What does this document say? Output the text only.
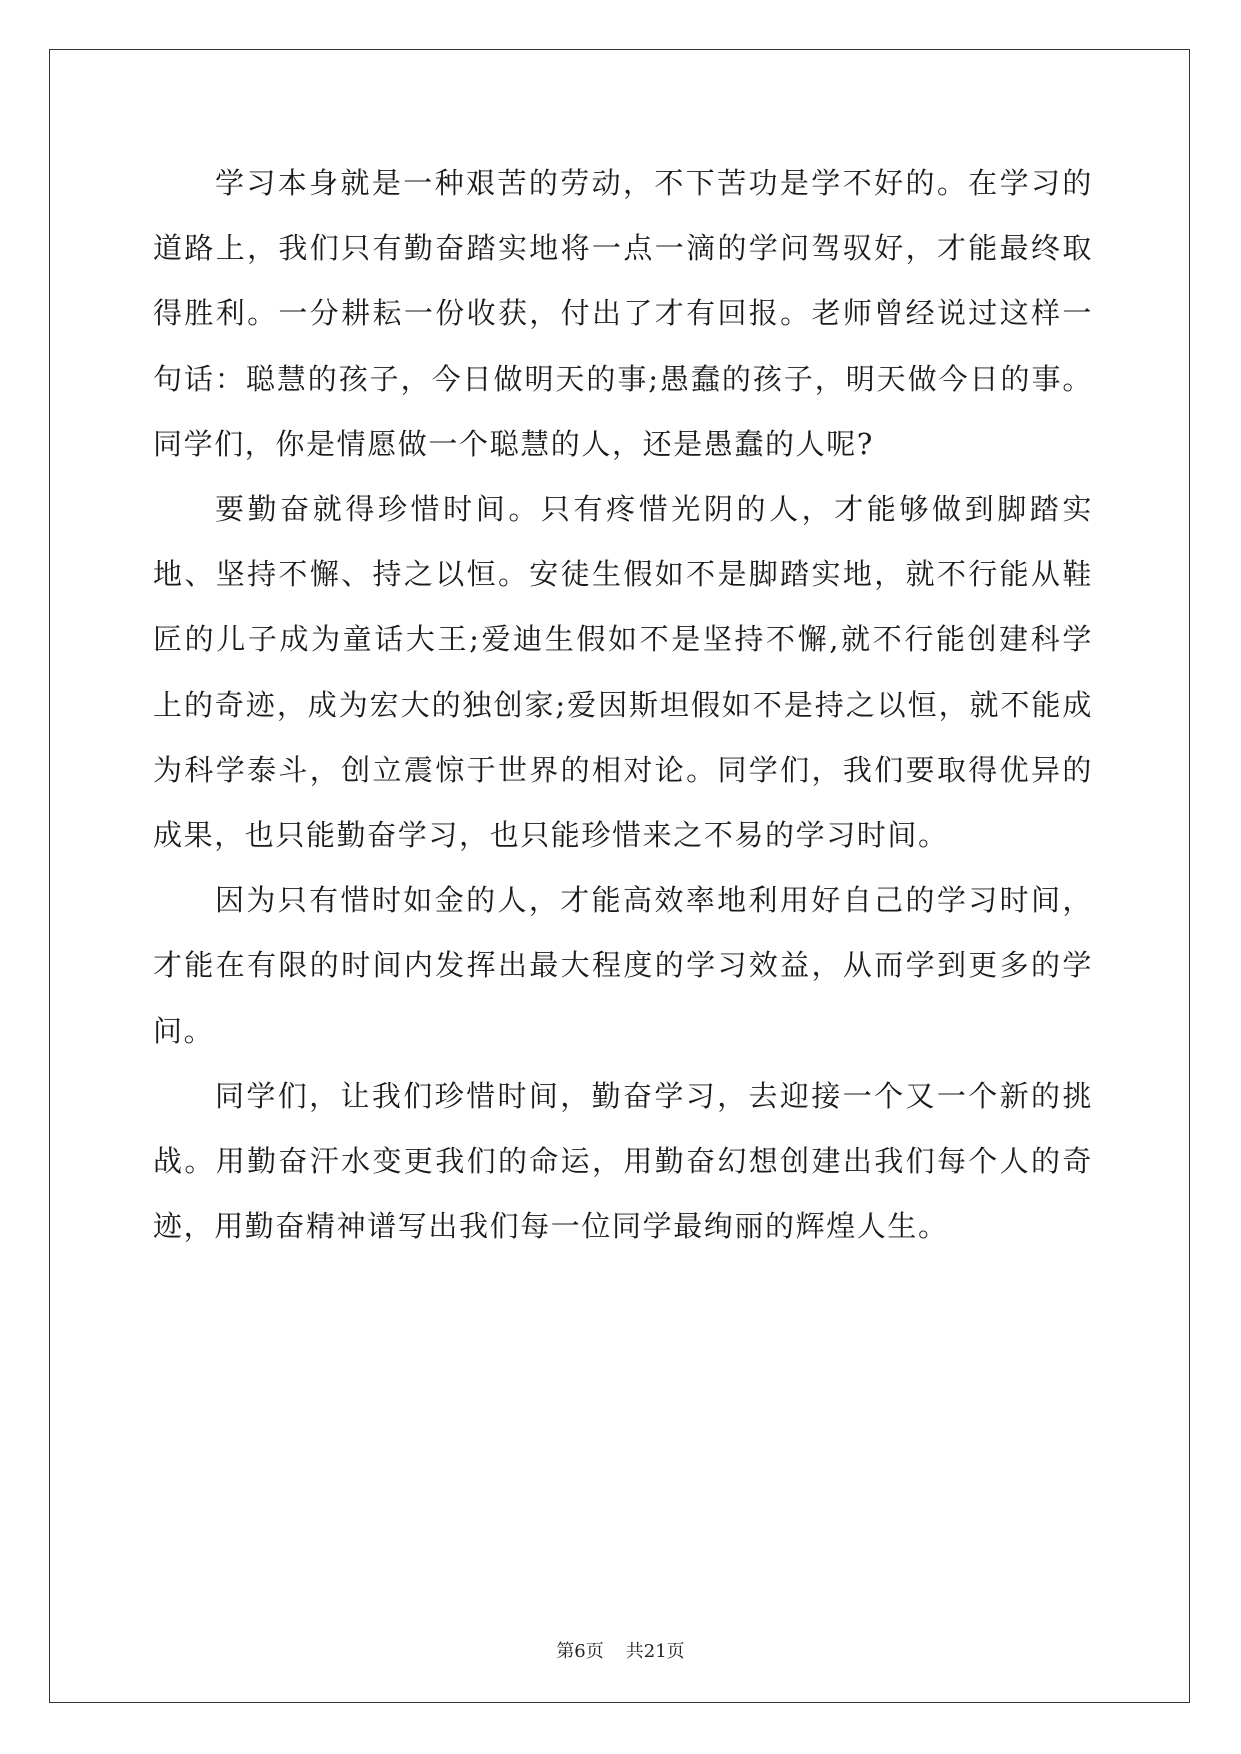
学习本身就是一种艰苦的劳动，不下苦功是学不好的。在学习的道路上，我们只有勤奋踏实地将一点一滴的学问驾驭好，才能最终取得胜利。一分耕耘一份收获，付出了才有回报。老师曾经说过这样一句话：聪慧的孩子，今日做明天的事;愚蠢的孩子，明天做今日的事。同学们，你是情愿做一个聪慧的人，还是愚蠢的人呢?

要勤奋就得珍惜时间。只有疼惜光阴的人，才能够做到脚踏实地、坚持不懈、持之以恒。安徒生假如不是脚踏实地，就不行能从鞋匠的儿子成为童话大王;爱迪生假如不是坚持不懈,就不行能创建科学上的奇迹，成为宏大的独创家;爱因斯坦假如不是持之以恒，就不能成为科学泰斗，创立震惊于世界的相对论。同学们，我们要取得优异的成果，也只能勤奋学习，也只能珍惜来之不易的学习时间。

因为只有惜时如金的人，才能高效率地利用好自己的学习时间，才能在有限的时间内发挥出最大程度的学习效益，从而学到更多的学问。

同学们，让我们珍惜时间，勤奋学习，去迎接一个又一个新的挑战。用勤奋汗水变更我们的命运，用勤奋幻想创建出我们每个人的奇迹，用勤奋精神谱写出我们每一位同学最绚丽的辉煌人生。

第6页 共21页
